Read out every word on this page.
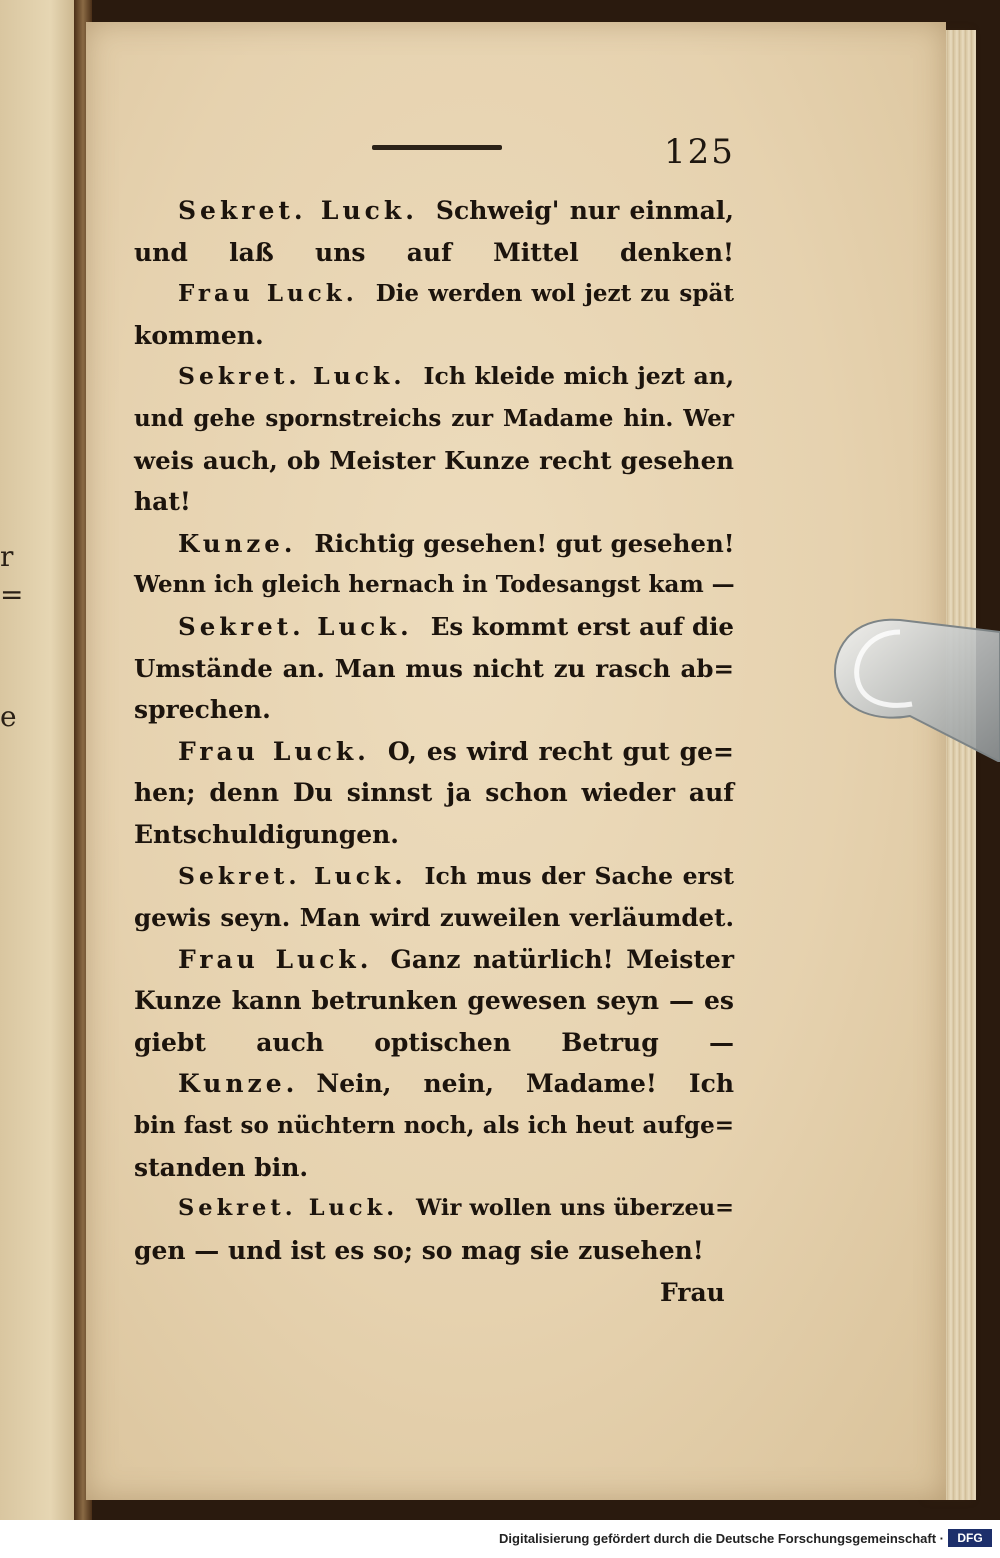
r
=
e
125
Sekret. Luck. Schweig' nur einmal,
und laß uns auf Mittel denken!
Frau Luck. Die werden wol jezt zu spät
kommen.
Sekret. Luck. Ich kleide mich jezt an,
und gehe spornstreichs zur Madame hin. Wer
weis auch, ob Meister Kunze recht gesehen
hat!
Kunze. Richtig gesehen! gut gesehen!
Wenn ich gleich hernach in Todesangst kam —
Sekret. Luck. Es kommt erst auf die
Umstände an. Man mus nicht zu rasch ab=
sprechen.
Frau Luck. O, es wird recht gut ge=
hen; denn Du sinnst ja schon wieder auf
Entschuldigungen.
Sekret. Luck. Ich mus der Sache erst
gewis seyn. Man wird zuweilen verläumdet.
Frau Luck. Ganz natürlich! Meister
Kunze kann betrunken gewesen seyn — es
giebt auch optischen Betrug —
Kunze. Nein, nein, Madame! Ich
bin fast so nüchtern noch, als ich heut aufge=
standen bin.
Sekret. Luck. Wir wollen uns überzeu=
gen — und ist es so; so mag sie zusehen!
Frau
Digitalisierung gefördert durch die Deutsche Forschungsgemeinschaft ·	DFG
